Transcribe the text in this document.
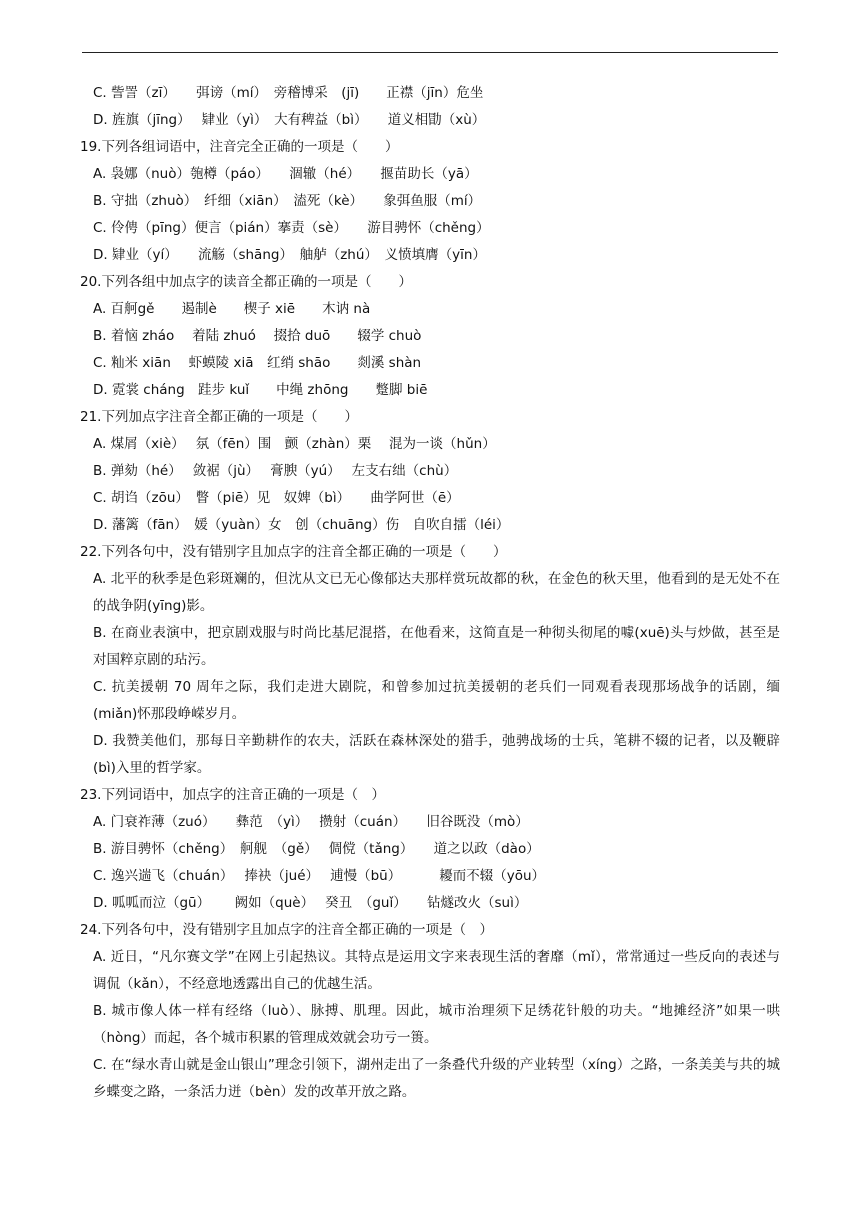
C. 訾詈（zī）　　弭谤（mí）　旁稽博采　(jī)　　正襟（jīn）危坐
D. 旌旗（jīng）　 肄业（yì）　大有稗益（bì）　　道义相勖（xù）
19.下列各组词语中，注音完全正确的一项是（　　）
A. 袅娜（nuò）匏樽（páo）　　涸辙（hé）　　揠苗助长（yā）
B. 守拙（zhuò）　纤细（xiān）　溘死（kè）　　象弭鱼服（mí）
C. 伶俜（pīng）便言（pián）搴责（sè）　　游目骋怀（chěng）
D. 肄业（yí）　　流觞（shāng）　舳舻（zhú）　义愤填膺（yīn）
20.下列各组中加点字的读音全都正确的一项是（　　）
A. 百舸gě　　遏制è　　楔子 xiē　　木讷 nà
B. 着恼 zháo　 着陆 zhuó　 掇拾 duō　　辍学 chuò
C. 籼米 xiān　 虾蟆陵 xiā　红绡 shāo　　剡溪 shàn
D. 霓裳 cháng　跬步 kuǐ　　中绳 zhōng　　蹩脚 biē
21.下列加点字注音全都正确的一项是（　　）
A. 煤屑（xiè）　 氛（fēn）围　颤（zhàn）栗　 混为一谈（hǔn）
B. 弹劾（hé）　 敛裾（jù）　 膏腴（yú）　 左支右绌（chù）
C. 胡诌（zōu）　瞥（piē）见　奴婢（bì）　　曲学阿世（ē）
D. 藩篱（fān）　媛（yuàn）女　创（chuāng）伤　自吹自擂（léi）
22.下列各句中，没有错别字且加点字的注音全都正确的一项是（　　）
A. 北平的秋季是色彩斑斓的，但沈从文已无心像郁达夫那样赏玩故都的秋，在金色的秋天里，他看到的是无处不在的战争阴(yīng)影。
B. 在商业表演中，把京剧戏服与时尚比基尼混搭，在他看来，这简直是一种彻头彻尾的噱(xuē)头与炒做，甚至是对国粹京剧的玷污。
C. 抗美援朝 70 周年之际，我们走进大剧院，和曾参加过抗美援朝的老兵们一同观看表现那场战争的话剧，缅(miǎn)怀那段峥嵘岁月。
D. 我赞美他们，那每日辛勤耕作的农夫，活跃在森林深处的猎手，弛骋战场的士兵，笔耕不辍的记者，以及鞭辟(bì)入里的哲学家。
23.下列词语中，加点字的注音正确的一项是（　）
A. 门衰祚薄（zuó）　　彝范　（yì）　 攒射（cuán）　　旧谷既没（mò）
B. 游目骋怀（chěng）　舸舰　（gě）　 倜傥（tǎng）　　道之以政（dào）
C. 逸兴遄飞（chuán）　 捧袂（jué）　 逋慢（bū）　　　 耰而不辍（yōu）
D. 呱呱而泣（gū）　　 阙如（què）　 癸丑　（guǐ）　　钻燧改火（suì）
24.下列各句中，没有错别字且加点字的注音全都正确的一项是（　）
A. 近日，“凡尔赛文学”在网上引起热议。其特点是运用文字来表现生活的奢靡（mǐ），常常通过一些反向的表述与调侃（kǎn），不经意地透露出自己的优越生活。
B. 城市像人体一样有经络（luò）、脉搏、肌理。因此，城市治理须下足绣花针般的功夫。“地摊经济”如果一哄（hòng）而起，各个城市积累的管理成效就会功亏一篑。
C. 在“绿水青山就是金山银山”理念引领下，湖州走出了一条叠代升级的产业转型（xíng）之路，一条美美与共的城乡蝶变之路，一条活力迸（bèn）发的改革开放之路。
